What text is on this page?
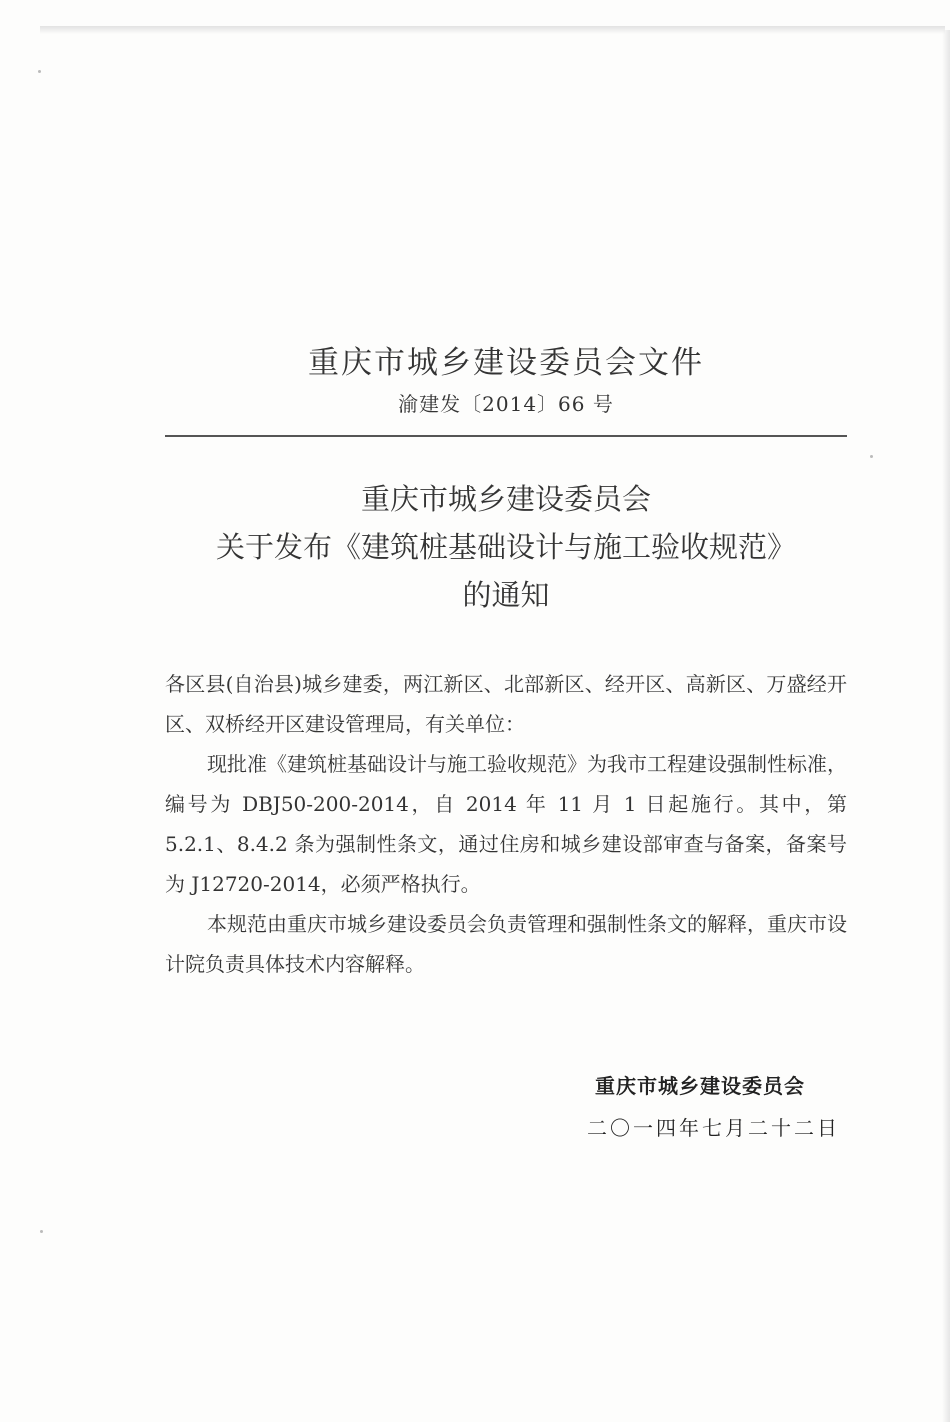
重庆市城乡建设委员会文件
渝建发〔2014〕66 号
重庆市城乡建设委员会
关于发布《建筑桩基础设计与施工验收规范》
的通知

各区县(自治县)城乡建委，两江新区、北部新区、经开区、高新区、万盛经开区、双桥经开区建设管理局，有关单位：

现批准《建筑桩基础设计与施工验收规范》为我市工程建设强制性标准，编号为 DBJ50-200-2014，自 2014 年 11 月 1 日起施行。其中，第 5.2.1、8.4.2 条为强制性条文，通过住房和城乡建设部审查与备案，备案号为 J12720-2014，必须严格执行。

本规范由重庆市城乡建设委员会负责管理和强制性条文的解释，重庆市设计院负责具体技术内容解释。

重庆市城乡建设委员会
二〇一四年七月二十二日
